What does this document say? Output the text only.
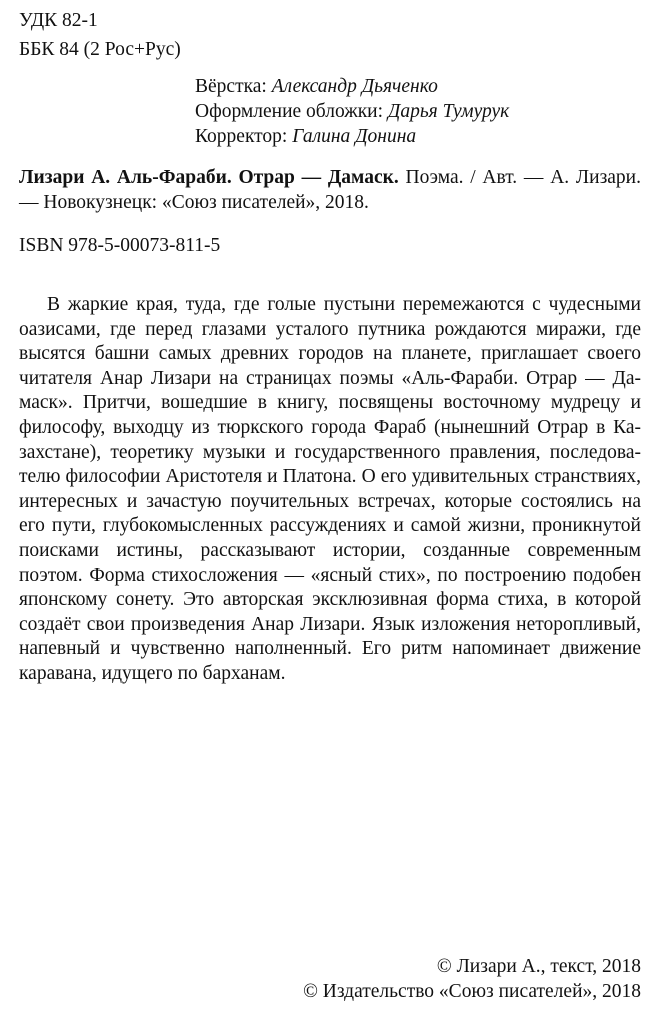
УДК 82-1
ББК 84 (2 Рос+Рус)
Вёрстка: Александр Дьяченко
Оформление обложки: Дарья Тумурук
Корректор: Галина Донина
Лизари А. Аль-Фараби. Отрар — Дамаск. Поэма. / Авт. — А. Лизари. — Новокузнецк: «Союз писателей», 2018.
ISBN 978-5-00073-811-5

В жаркие края, туда, где голые пустыни перемежаются с чудесными оазисами, где перед глазами усталого путника рождаются миражи, где высятся башни самых древних городов на планете, приглашает своего читателя Анар Лизари на страницах поэмы «Аль-Фараби. Отрар — Дамаск». Притчи, вошедшие в книгу, посвящены восточному мудрецу и философу, выходцу из тюркского города Фараб (нынешний Отрар в Казахстане), теоретику музыки и государственного правления, последователю философии Аристотеля и Платона. О его удивительных странствиях, интересных и зачастую поучительных встречах, которые состоялись на его пути, глубокомысленных рассуждениях и самой жизни, проникнутой поисками истины, рассказывают истории, созданные современным поэтом. Форма стихосложения — «ясный стих», по построению подобен японскому сонету. Это авторская эксклюзивная форма стиха, в которой создаёт свои произведения Анар Лизари. Язык изложения неторопливый, напевный и чувственно наполненный. Его ритм напоминает движение каравана, идущего по барханам.

© Лизари А., текст, 2018
© Издательство «Союз писателей», 2018
